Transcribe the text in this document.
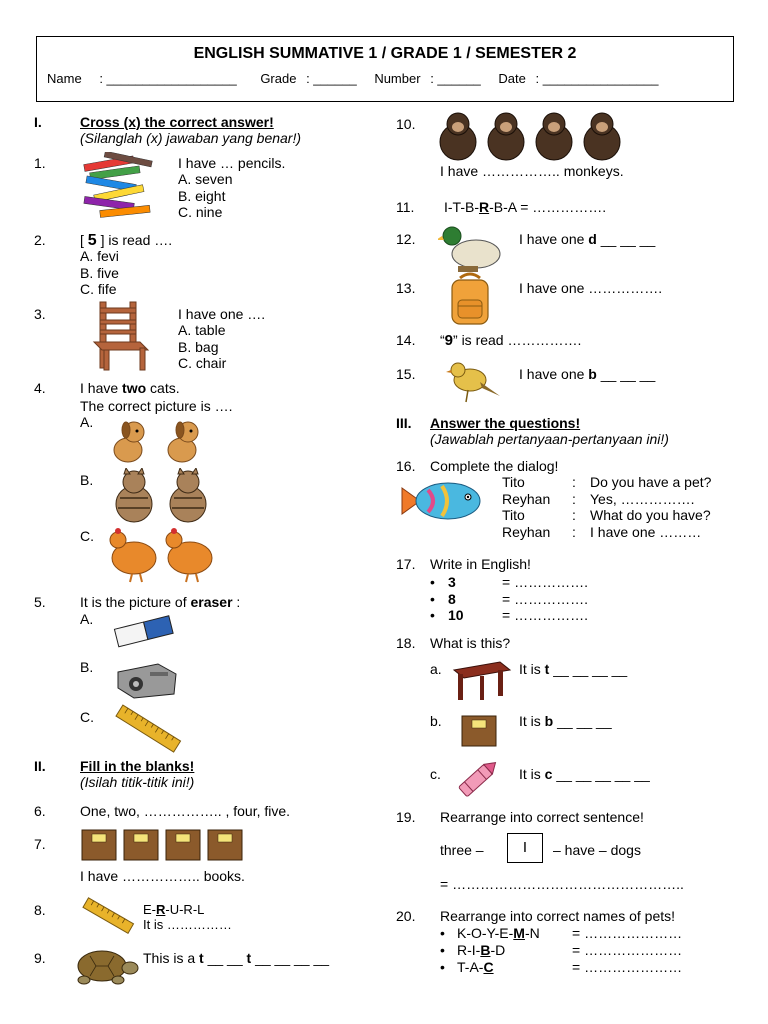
ENGLISH SUMMATIVE 1 / GRADE 1 / SEMESTER 2
Name : __________________ Grade : ______ Number : ______ Date : ________________
I.	Cross (x) the correct answer!
(Silanglah (x) jawaban yang benar!)
1.	I have … pencils.
A. seven
B. eight
C. nine
2. [ 5 ] is read ….
A. fevi
B. five
C. fife
3.	I have one ….
A. table
B. bag
C. chair
4. I have two cats.
The correct picture is ….
A.
B.
C.
5. It is the picture of eraser :
A.
B.
C.
II. Fill in the blanks!
(Isilah titik-titik ini!)
6. One, two, …………….. , four, five.
7.
I have …………….. books.
8.	E-R-U-R-L
It is ……………
9.	This is a t __ __ t __ __ __ __
10.
I have …………….. monkeys.
11. I-T-B-R-B-A = …………….
12.	I have one d __ __ __
13.	I have one …………….
14. “9” is read …………….
15.	I have one b __ __ __
III. Answer the questions!
(Jawablah pertanyaan-pertanyaan ini!)
16. Complete the dialog!
Tito	: Do you have a pet?
Reyhan : Yes, …………….
Tito	: What do you have?
Reyhan : I have one ………
17. Write in English!
• 3	= …………….
• 8	= …………….
• 10	= …………….
18. What is this?
a.	It is t __ __ __ __
b.	It is b __ __ __
c.	It is c __ __ __ __ __
19. Rearrange into correct sentence!
three –	I	– have – dogs
= …………………………………………..
20. Rearrange into correct names of pets!
• K-O-Y-E-M-N = …………………
• R-I-B-D	= …………………
• T-A-C	= …………………
